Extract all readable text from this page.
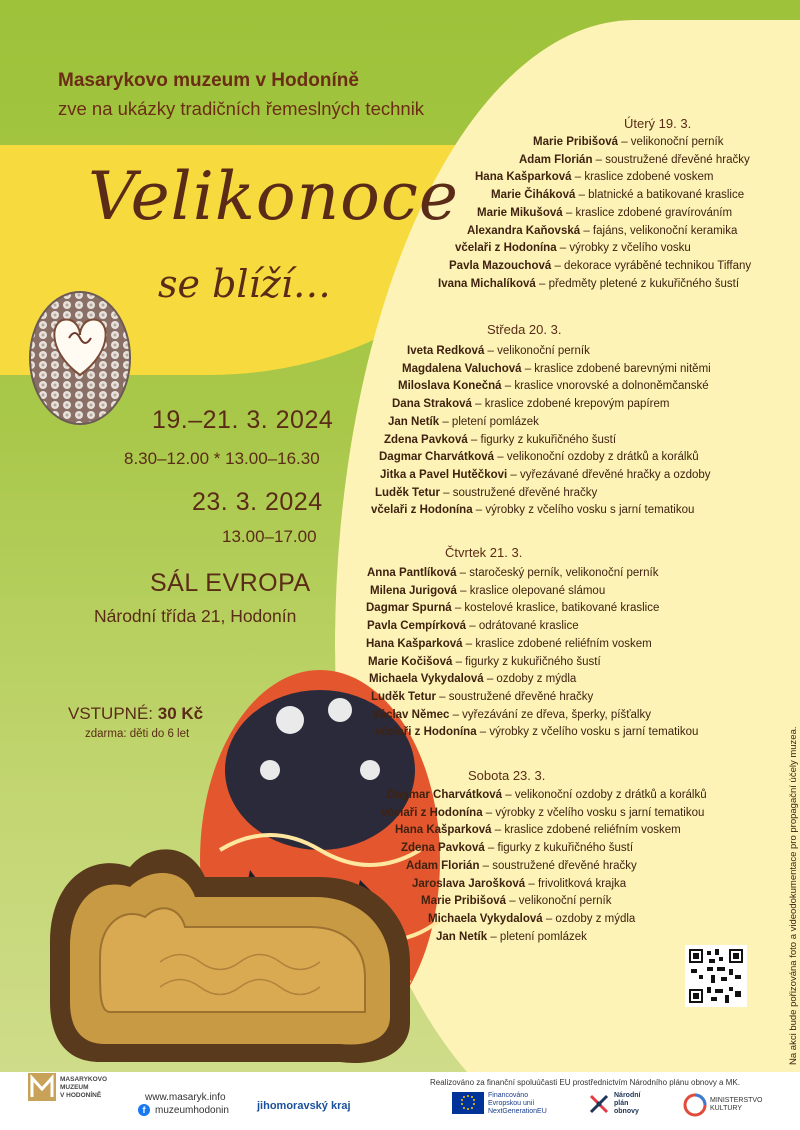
Masarykovo muzeum v Hodoníně
zve na ukázky tradičních řemeslných technik
Velikonoce
se blíží…
19.–21. 3. 2024
8.30–12.00 * 13.00–16.30
23. 3. 2024
13.00–17.00
SÁL EVROPA
Národní třída 21, Hodonín
VSTUPNÉ: 30 Kč
zdarma: děti do 6 let
Úterý 19. 3.
Marie Pribišová – velikonoční perník
Adam Florián – soustružené dřevěné hračky
Hana Kašparková – kraslice zdobené voskem
Marie Čiháková – blatnické a batikované kraslice
Marie Mikušová – kraslice zdobené gravírováním
Alexandra Kaňovská – fajáns, velikonoční keramika
včelaři z Hodonína – výrobky z včelího vosku
Pavla Mazouchová – dekorace vyráběné technikou Tiffany
Ivana Michalíková – předměty pletené z kukuřičného šustí
Středa 20. 3.
Iveta Redková – velikonoční perník
Magdalena Valuchová – kraslice zdobené barevnými nitěmi
Miloslava Konečná – kraslice vnorovské a dolnoněmčanské
Dana Straková – kraslice zdobené krepovým papírem
Jan Netík – pletení pomlázek
Zdena Pavková – figurky z kukuřičného šustí
Dagmar Charvátková – velikonoční ozdoby z drátků a korálků
Jitka a Pavel Hutěčkovi – vyřezávané dřevěné hračky a ozdoby
Luděk Tetur – soustružené dřevěné hračky
včelaři z Hodonína – výrobky z včelího vosku s jarní tematikou
Čtvrtek 21. 3.
Anna Pantlíková – staročeský perník, velikonoční perník
Milena Jurigová – kraslice olepované slámou
Dagmar Spurná – kostelové kraslice, batikované kraslice
Pavla Cempírková – odrátované kraslice
Hana Kašparková – kraslice zdobené reliéfním voskem
Marie Kočišová – figurky z kukuřičného šustí
Michaela Vykydalová – ozdoby z mýdla
Luděk Tetur – soustružené dřevěné hračky
Václav Němec – vyřezávání ze dřeva, šperky, píšťalky
včelaři z Hodonína – výrobky z včelího vosku s jarní tematikou
Sobota 23. 3.
Dagmar Charvátková – velikonoční ozdoby z drátků a korálků
včelaři z Hodonína – výrobky z včelího vosku s jarní tematikou
Hana Kašparková – kraslice zdobené reliéfním voskem
Zdena Pavková – figurky z kukuřičného šustí
Adam Florián – soustružené dřevěné hračky
Jaroslava Jarošková – frivolitková krajka
Marie Pribišová – velikonoční perník
Michaela Vykydalová – ozdoby z mýdla
Jan Netík – pletení pomlázek	Na akci bude pořizována foto a videodokumentace pro propagační účely muzea.
MASARYKOVO
MUZEUM
V HODONÍNĚ	www.masaryk.info
f muzeumhodonin	jihomoravský kraj
Realizováno za finanční spoluúčasti EU prostřednictvím Národního plánu obnovy a MK.
Financováno
Evropskou unií
NextGenerationEU
Národní
plán
obnovy
MINISTERSTVO
KULTURY
